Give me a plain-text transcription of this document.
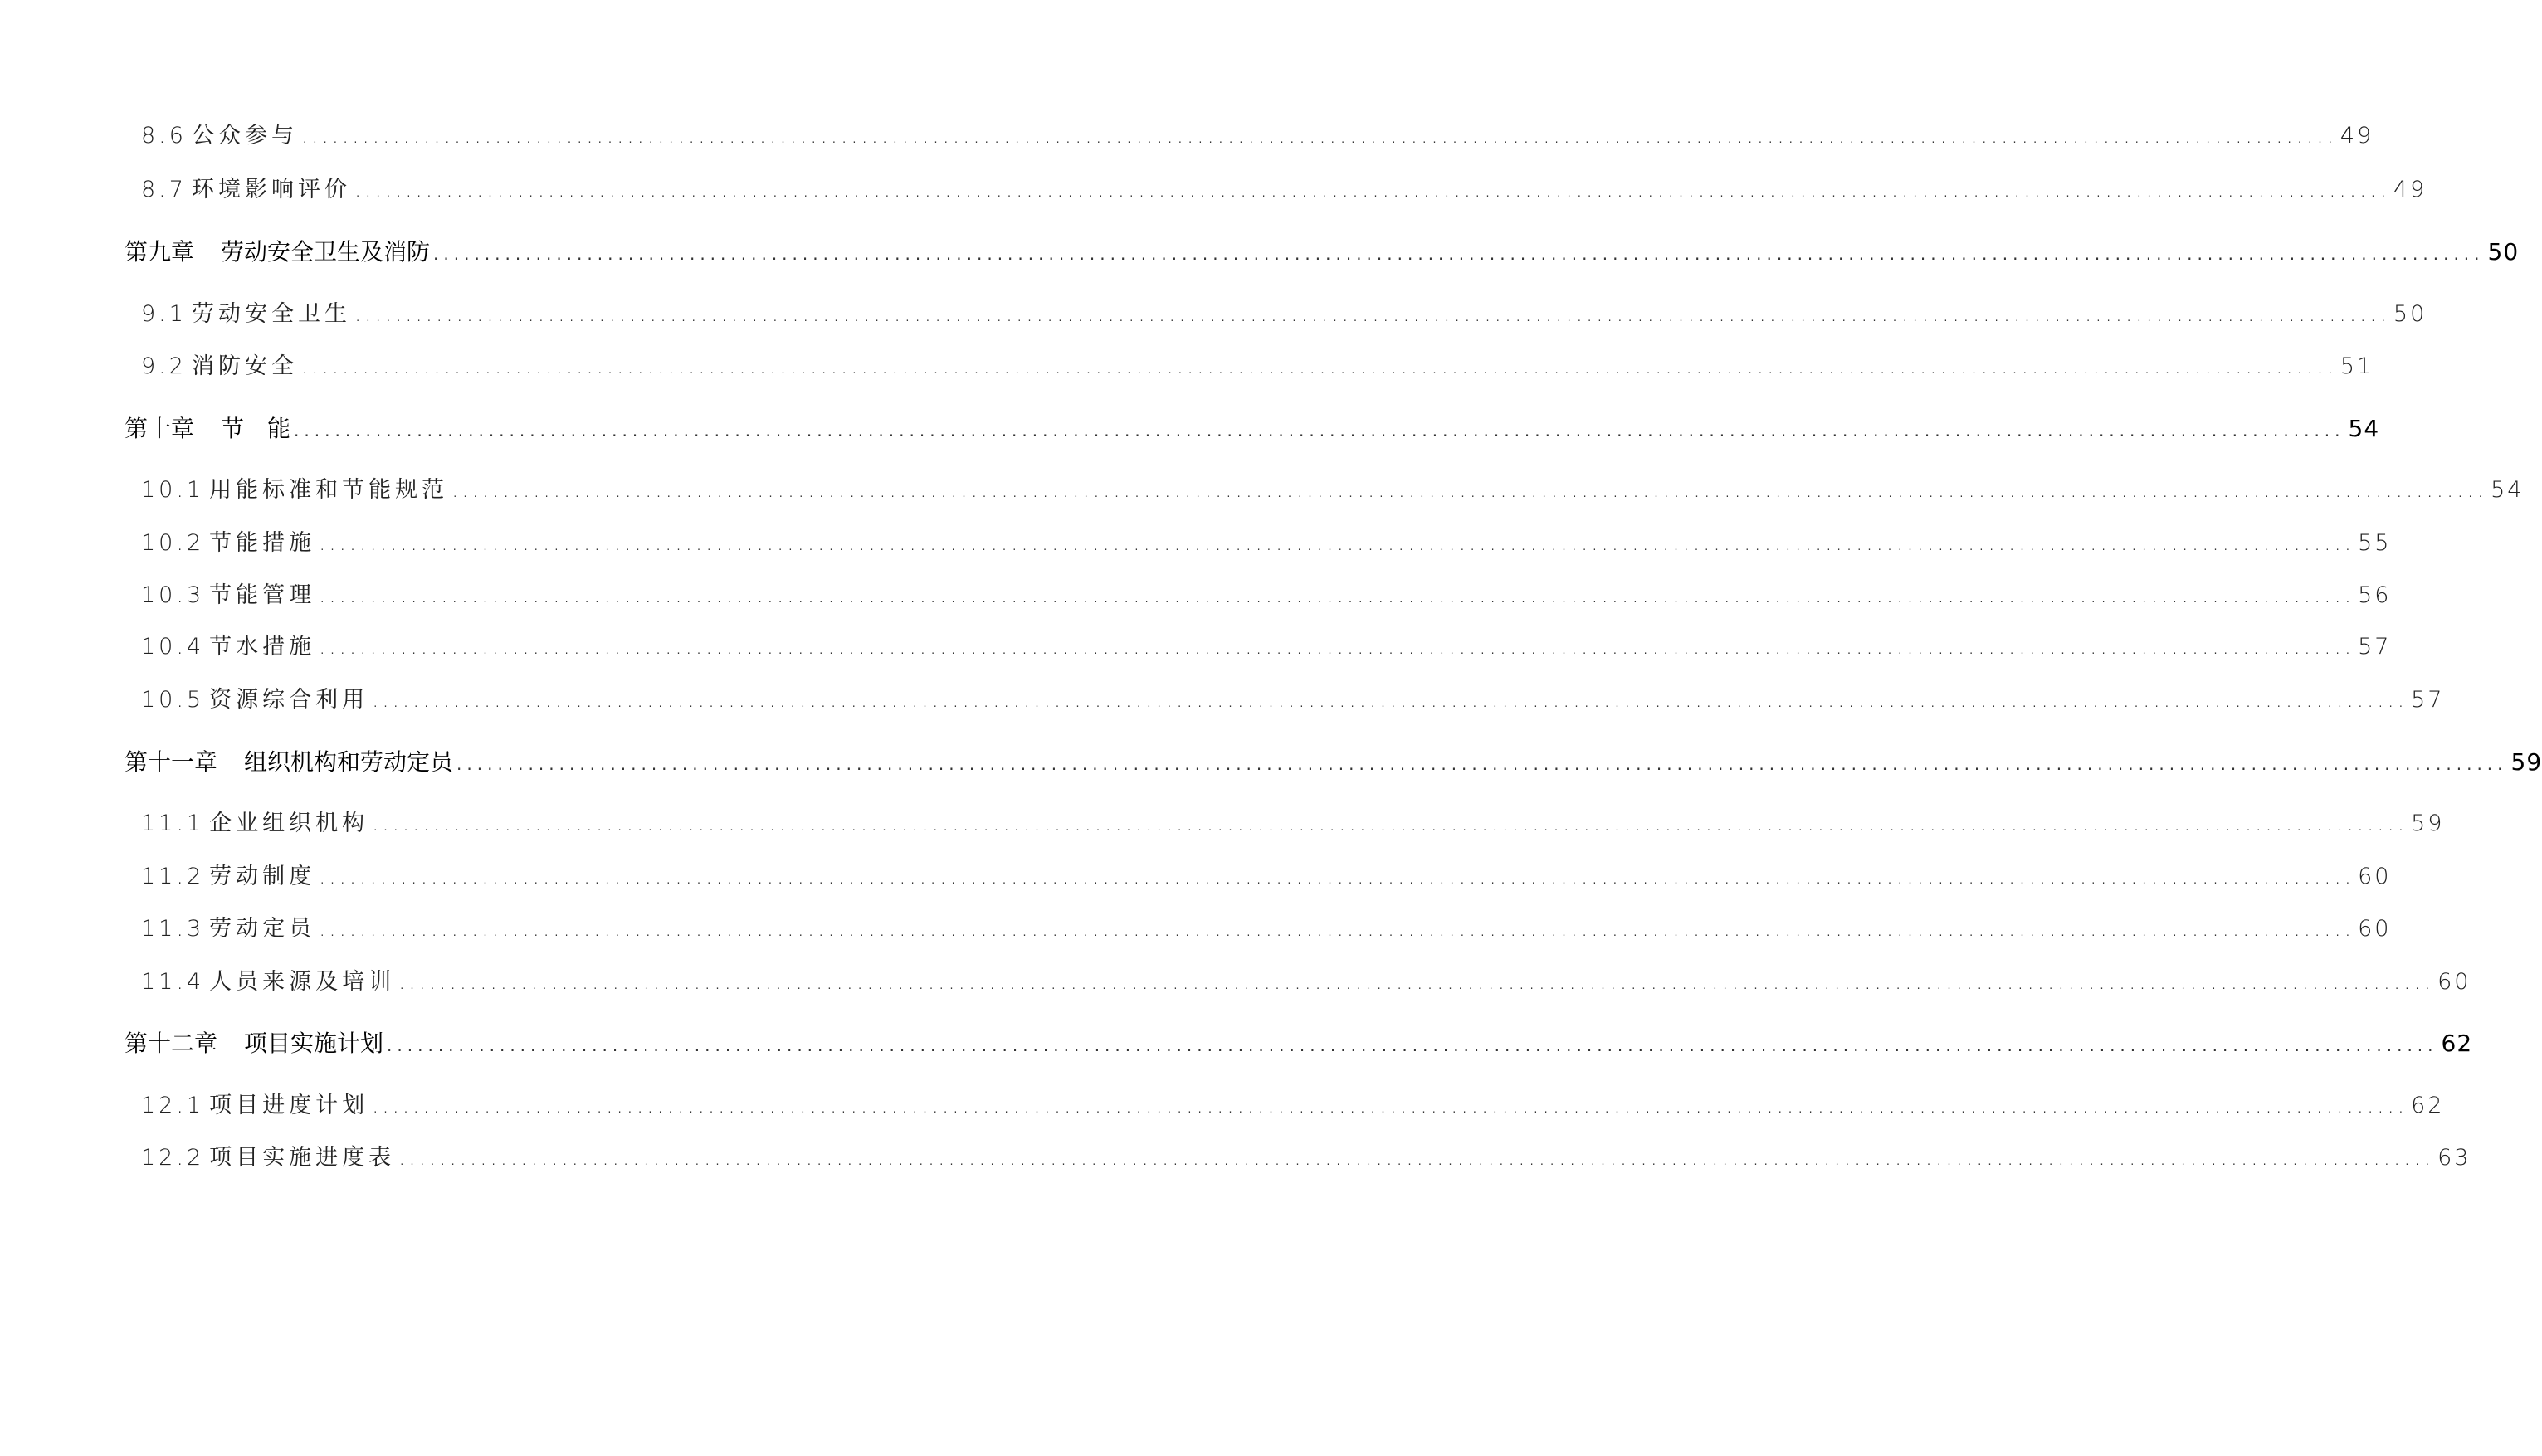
8.6 公众参与 ........................................................................................................................................................................................................ 49
8.7 环境影响评价 ........................................................................................................................................................................................................ 49
第九章 劳动安全卫生及消防 ........................................................................................................................................................................................................ 50
9.1 劳动安全卫生 ........................................................................................................................................................................................................ 50
9.2 消防安全 ........................................................................................................................................................................................................ 51
第十章 节　能 ........................................................................................................................................................................................................ 54
10.1 用能标准和节能规范 ........................................................................................................................................................................................................ 54
10.2 节能措施 ........................................................................................................................................................................................................ 55
10.3 节能管理 ........................................................................................................................................................................................................ 56
10.4 节水措施 ........................................................................................................................................................................................................ 57
10.5 资源综合利用 ........................................................................................................................................................................................................ 57
第十一章 组织机构和劳动定员 ........................................................................................................................................................................................................ 59
11.1 企业组织机构 ........................................................................................................................................................................................................ 59
11.2 劳动制度 ........................................................................................................................................................................................................ 60
11.3 劳动定员 ........................................................................................................................................................................................................ 60
11.4 人员来源及培训 ........................................................................................................................................................................................................ 60
第十二章 项目实施计划 ........................................................................................................................................................................................................ 62
12.1 项目进度计划 ........................................................................................................................................................................................................ 62
12.2 项目实施进度表 ........................................................................................................................................................................................................ 63
